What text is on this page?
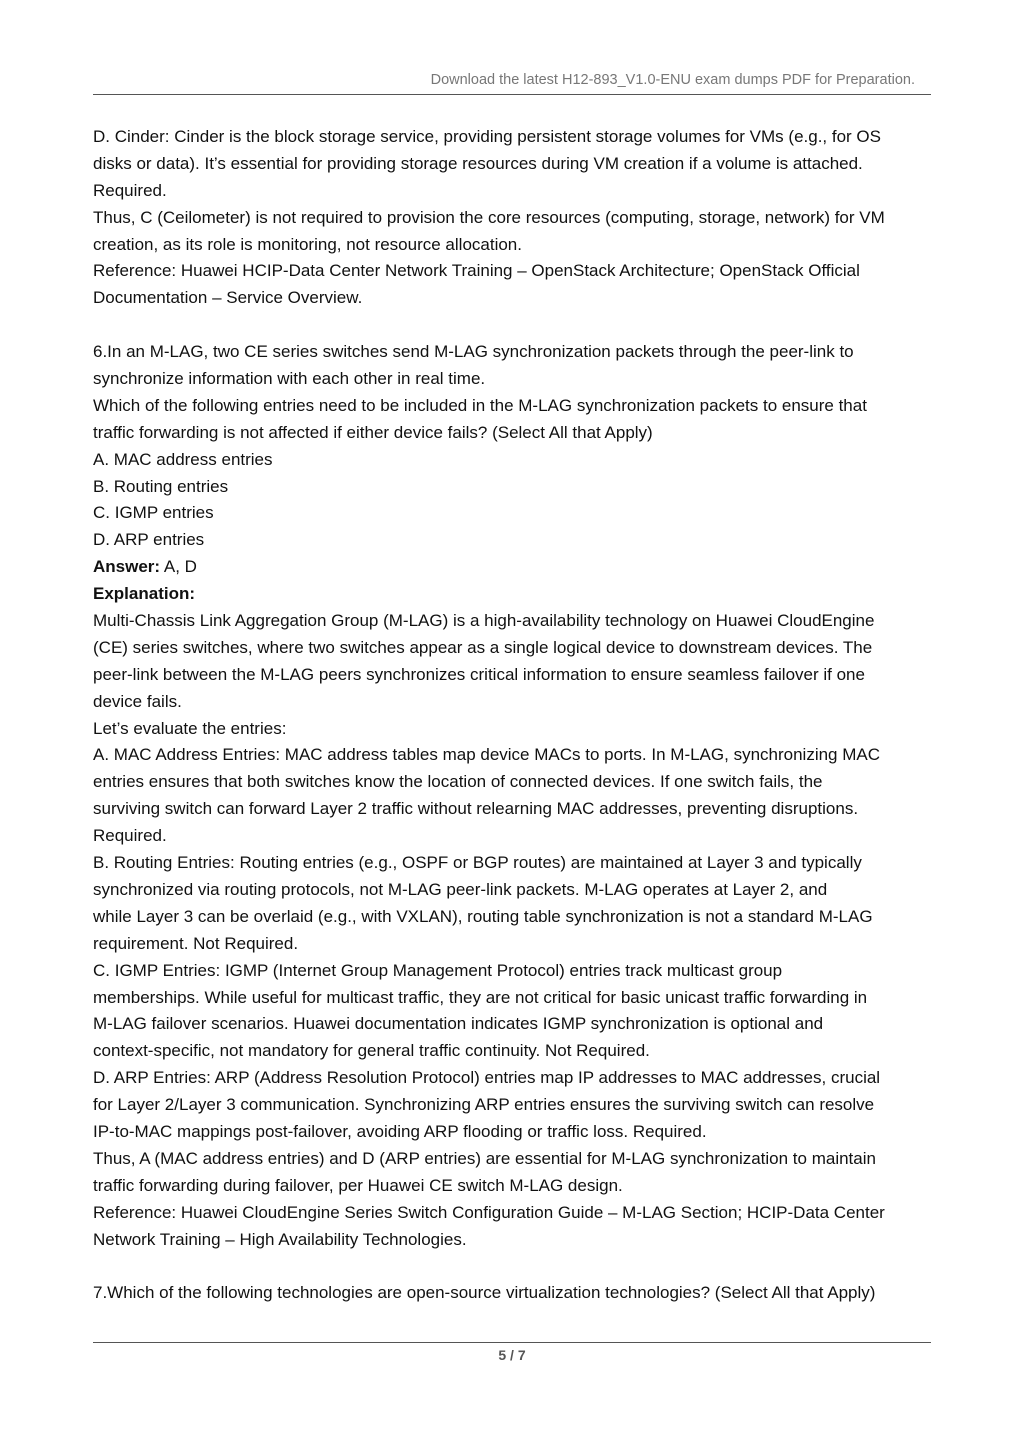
Download the latest H12-893_V1.0-ENU exam dumps PDF for Preparation.
D. Cinder: Cinder is the block storage service, providing persistent storage volumes for VMs (e.g., for OS
disks or data). It’s essential for providing storage resources during VM creation if a volume is attached.
Required.
Thus, C (Ceilometer) is not required to provision the core resources (computing, storage, network) for VM
creation, as its role is monitoring, not resource allocation.
Reference: Huawei HCIP-Data Center Network Training – OpenStack Architecture; OpenStack Official
Documentation – Service Overview.
6.In an M-LAG, two CE series switches send M-LAG synchronization packets through the peer-link to
synchronize information with each other in real time.
Which of the following entries need to be included in the M-LAG synchronization packets to ensure that
traffic forwarding is not affected if either device fails? (Select All that Apply)
A. MAC address entries
B. Routing entries
C. IGMP entries
D. ARP entries
Answer: A, D
Explanation:
Multi-Chassis Link Aggregation Group (M-LAG) is a high-availability technology on Huawei CloudEngine
(CE) series switches, where two switches appear as a single logical device to downstream devices. The
peer-link between the M-LAG peers synchronizes critical information to ensure seamless failover if one
device fails.
Let’s evaluate the entries:
A. MAC Address Entries: MAC address tables map device MACs to ports. In M-LAG, synchronizing MAC
entries ensures that both switches know the location of connected devices. If one switch fails, the
surviving switch can forward Layer 2 traffic without relearning MAC addresses, preventing disruptions.
Required.
B. Routing Entries: Routing entries (e.g., OSPF or BGP routes) are maintained at Layer 3 and typically
synchronized via routing protocols, not M-LAG peer-link packets. M-LAG operates at Layer 2, and
while Layer 3 can be overlaid (e.g., with VXLAN), routing table synchronization is not a standard M-LAG
requirement. Not Required.
C. IGMP Entries: IGMP (Internet Group Management Protocol) entries track multicast group
memberships. While useful for multicast traffic, they are not critical for basic unicast traffic forwarding in
M-LAG failover scenarios. Huawei documentation indicates IGMP synchronization is optional and
context-specific, not mandatory for general traffic continuity. Not Required.
D. ARP Entries: ARP (Address Resolution Protocol) entries map IP addresses to MAC addresses, crucial
for Layer 2/Layer 3 communication. Synchronizing ARP entries ensures the surviving switch can resolve
IP-to-MAC mappings post-failover, avoiding ARP flooding or traffic loss. Required.
Thus, A (MAC address entries) and D (ARP entries) are essential for M-LAG synchronization to maintain
traffic forwarding during failover, per Huawei CE switch M-LAG design.
Reference: Huawei CloudEngine Series Switch Configuration Guide – M-LAG Section; HCIP-Data Center
Network Training – High Availability Technologies.
7.Which of the following technologies are open-source virtualization technologies? (Select All that Apply)
5 / 7
